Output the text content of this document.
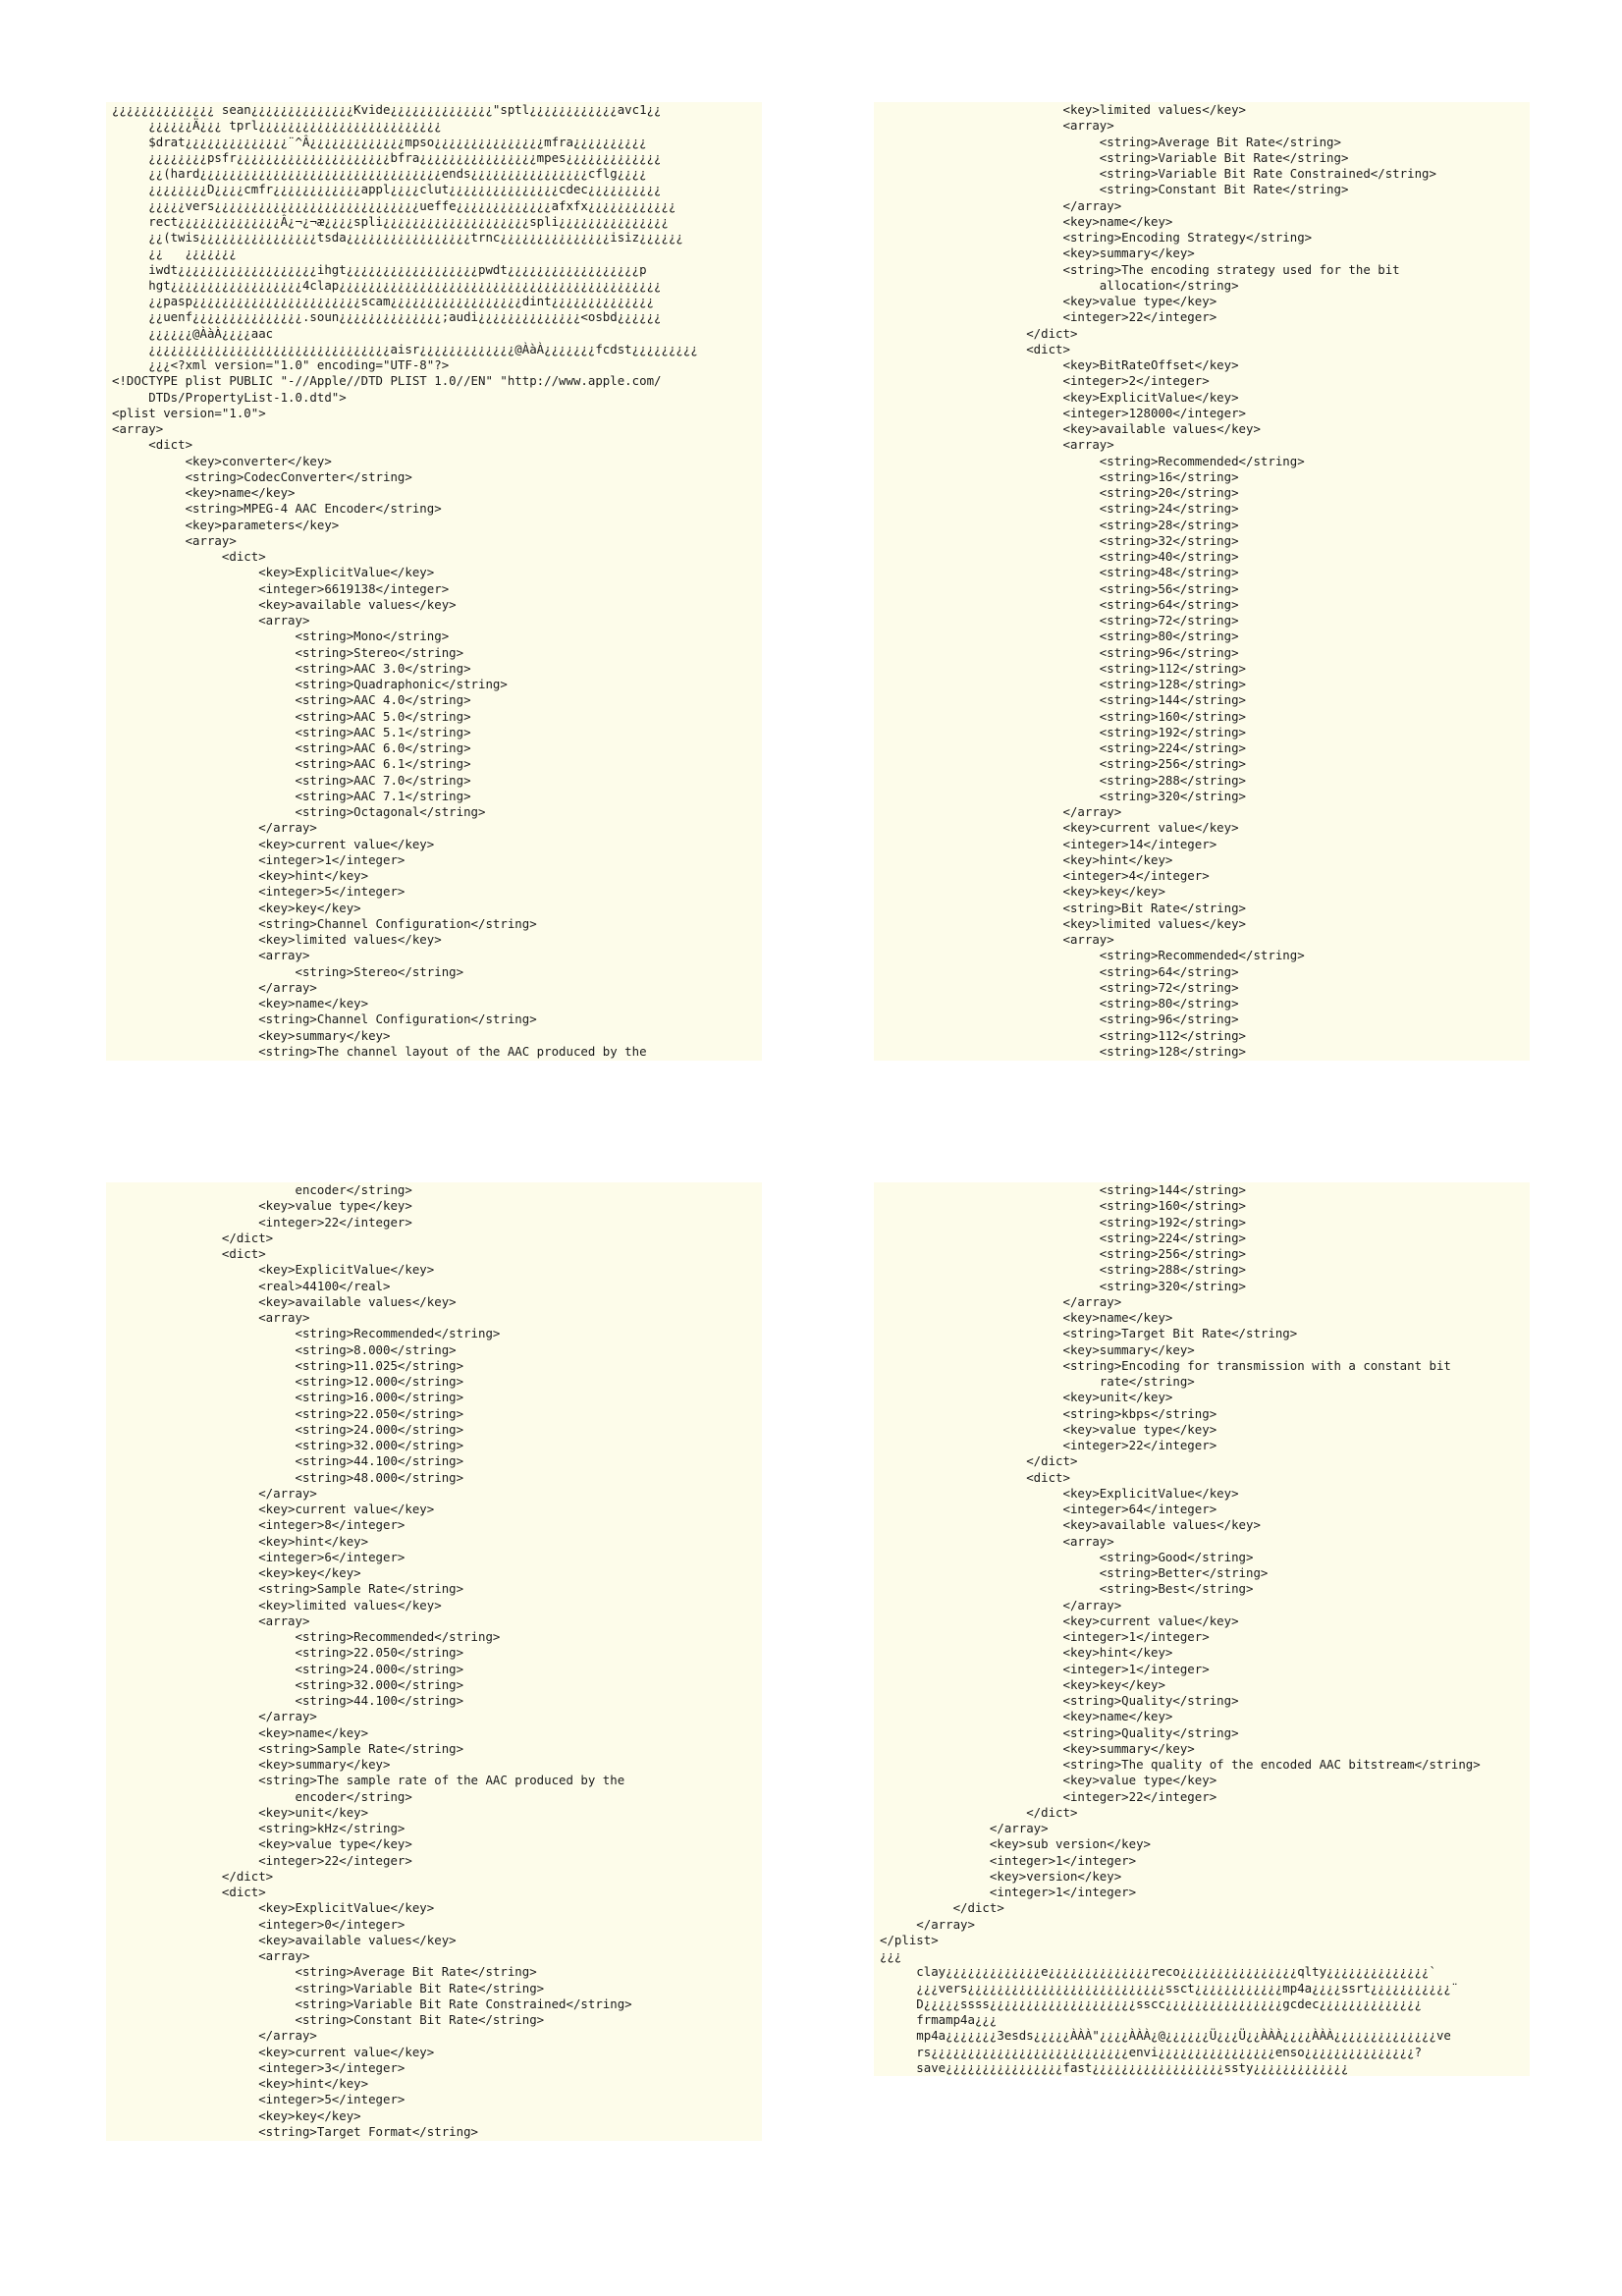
¿¿¿¿¿¿¿¿¿¿¿¿¿¿ sean¿¿¿¿¿¿¿¿¿¿¿¿¿¿Kvide¿¿¿¿¿¿¿¿¿¿¿¿¿¿"sptl¿¿¿¿¿¿¿¿¿¿¿¿avc1¿¿
¿¿¿¿¿¿Ä¿¿¿ tprl¿¿¿¿¿¿¿¿¿¿¿¿¿¿¿¿¿¿¿¿¿¿¿¿¿
$drat¿¿¿¿¿¿¿¿¿¿¿¿¿¿¨^Â¿¿¿¿¿¿¿¿¿¿¿¿¿mpso¿¿¿¿¿¿¿¿¿¿¿¿¿¿¿mfra¿¿¿¿¿¿¿¿¿¿
¿¿¿¿¿¿¿¿psfr¿¿¿¿¿¿¿¿¿¿¿¿¿¿¿¿¿¿¿¿¿bfra¿¿¿¿¿¿¿¿¿¿¿¿¿¿¿¿mpes¿¿¿¿¿¿¿¿¿¿¿¿¿
¿¿(hard¿¿¿¿¿¿¿¿¿¿¿¿¿¿¿¿¿¿¿¿¿¿¿¿¿¿¿¿¿¿¿¿¿ends¿¿¿¿¿¿¿¿¿¿¿¿¿¿¿¿cflg¿¿¿¿
¿¿¿¿¿¿¿¿D¿¿¿¿cmfr¿¿¿¿¿¿¿¿¿¿¿¿appl¿¿¿¿clut¿¿¿¿¿¿¿¿¿¿¿¿¿¿¿cdec¿¿¿¿¿¿¿¿¿¿
¿¿¿¿¿vers¿¿¿¿¿¿¿¿¿¿¿¿¿¿¿¿¿¿¿¿¿¿¿¿¿¿¿¿ueffe¿¿¿¿¿¿¿¿¿¿¿¿¿afxfx¿¿¿¿¿¿¿¿¿¿¿¿
rect¿¿¿¿¿¿¿¿¿¿¿¿¿¿Â¿¬¿¬æ¿¿¿¿spli¿¿¿¿¿¿¿¿¿¿¿¿¿¿¿¿¿¿¿¿spli¿¿¿¿¿¿¿¿¿¿¿¿¿¿¿
¿¿(twis¿¿¿¿¿¿¿¿¿¿¿¿¿¿¿¿tsda¿¿¿¿¿¿¿¿¿¿¿¿¿¿¿¿¿trnc¿¿¿¿¿¿¿¿¿¿¿¿¿¿¿isiz¿¿¿¿¿¿
¿¿   ¿¿¿¿¿¿¿
iwdt¿¿¿¿¿¿¿¿¿¿¿¿¿¿¿¿¿¿¿ihgt¿¿¿¿¿¿¿¿¿¿¿¿¿¿¿¿¿¿pwdt¿¿¿¿¿¿¿¿¿¿¿¿¿¿¿¿¿¿p
hgt¿¿¿¿¿¿¿¿¿¿¿¿¿¿¿¿¿¿4clap¿¿¿¿¿¿¿¿¿¿¿¿¿¿¿¿¿¿¿¿¿¿¿¿¿¿¿¿¿¿¿¿¿¿¿¿¿¿¿¿¿¿¿¿
¿¿pasp¿¿¿¿¿¿¿¿¿¿¿¿¿¿¿¿¿¿¿¿¿¿¿scam¿¿¿¿¿¿¿¿¿¿¿¿¿¿¿¿¿¿dint¿¿¿¿¿¿¿¿¿¿¿¿¿¿
¿¿uenf¿¿¿¿¿¿¿¿¿¿¿¿¿¿¿.soun¿¿¿¿¿¿¿¿¿¿¿¿¿¿;audi¿¿¿¿¿¿¿¿¿¿¿¿¿¿<osbd¿¿¿¿¿¿
¿¿¿¿¿¿@ÀàÀ¿¿¿¿aac
¿¿¿¿¿¿¿¿¿¿¿¿¿¿¿¿¿¿¿¿¿¿¿¿¿¿¿¿¿¿¿¿¿aisr¿¿¿¿¿¿¿¿¿¿¿¿¿@ÀàÀ¿¿¿¿¿¿¿fcdst¿¿¿¿¿¿¿¿¿
¿¿¿<?xml version="1.0" encoding="UTF-8"?>
<!DOCTYPE plist PUBLIC "-//Apple//DTD PLIST 1.0//EN" "http://www.apple.com/
DTDs/PropertyList-1.0.dtd">
<plist version="1.0">
<array>
<dict>
<key>converter</key>
<string>CodecConverter</string>
<key>name</key>
<string>MPEG-4 AAC Encoder</string>
<key>parameters</key>
<array>
<dict>
<key>ExplicitValue</key>
<integer>6619138</integer>
<key>available values</key>
<array>
<string>Mono</string>
<string>Stereo</string>
<string>AAC 3.0</string>
<string>Quadraphonic</string>
<string>AAC 4.0</string>
<string>AAC 5.0</string>
<string>AAC 5.1</string>
<string>AAC 6.0</string>
<string>AAC 6.1</string>
<string>AAC 7.0</string>
<string>AAC 7.1</string>
<string>Octagonal</string>
</array>
<key>current value</key>
<integer>1</integer>
<key>hint</key>
<integer>5</integer>
<key>key</key>
<string>Channel Configuration</string>
<key>limited values</key>
<array>
<string>Stereo</string>
</array>
<key>name</key>
<string>Channel Configuration</string>
<key>summary</key>
<string>The channel layout of the AAC produced by the
<key>limited values</key>
<array>
<string>Average Bit Rate</string>
<string>Variable Bit Rate</string>
<string>Variable Bit Rate Constrained</string>
<string>Constant Bit Rate</string>
</array>
<key>name</key>
<string>Encoding Strategy</string>
<key>summary</key>
<string>The encoding strategy used for the bit
allocation</string>
<key>value type</key>
<integer>22</integer>
</dict>
<dict>
<key>BitRateOffset</key>
<integer>2</integer>
<key>ExplicitValue</key>
<integer>128000</integer>
<key>available values</key>
<array>
<string>Recommended</string>
<string>16</string>
<string>20</string>
<string>24</string>
<string>28</string>
<string>32</string>
<string>40</string>
<string>48</string>
<string>56</string>
<string>64</string>
<string>72</string>
<string>80</string>
<string>96</string>
<string>112</string>
<string>128</string>
<string>144</string>
<string>160</string>
<string>192</string>
<string>224</string>
<string>256</string>
<string>288</string>
<string>320</string>
</array>
<key>current value</key>
<integer>14</integer>
<key>hint</key>
<integer>4</integer>
<key>key</key>
<string>Bit Rate</string>
<key>limited values</key>
<array>
<string>Recommended</string>
<string>64</string>
<string>72</string>
<string>80</string>
<string>96</string>
<string>112</string>
<string>128</string>
encoder</string>
<key>value type</key>
<integer>22</integer>
</dict>
<dict>
<key>ExplicitValue</key>
<real>44100</real>
<key>available values</key>
<array>
<string>Recommended</string>
<string>8.000</string>
<string>11.025</string>
<string>12.000</string>
<string>16.000</string>
<string>22.050</string>
<string>24.000</string>
<string>32.000</string>
<string>44.100</string>
<string>48.000</string>
</array>
<key>current value</key>
<integer>8</integer>
<key>hint</key>
<integer>6</integer>
<key>key</key>
<string>Sample Rate</string>
<key>limited values</key>
<array>
<string>Recommended</string>
<string>22.050</string>
<string>24.000</string>
<string>32.000</string>
<string>44.100</string>
</array>
<key>name</key>
<string>Sample Rate</string>
<key>summary</key>
<string>The sample rate of the AAC produced by the
encoder</string>
<key>unit</key>
<string>kHz</string>
<key>value type</key>
<integer>22</integer>
</dict>
<dict>
<key>ExplicitValue</key>
<integer>0</integer>
<key>available values</key>
<array>
<string>Average Bit Rate</string>
<string>Variable Bit Rate</string>
<string>Variable Bit Rate Constrained</string>
<string>Constant Bit Rate</string>
</array>
<key>current value</key>
<integer>3</integer>
<key>hint</key>
<integer>5</integer>
<key>key</key>
<string>Target Format</string>
<string>144</string>
<string>160</string>
<string>192</string>
<string>224</string>
<string>256</string>
<string>288</string>
<string>320</string>
</array>
<key>name</key>
<string>Target Bit Rate</string>
<key>summary</key>
<string>Encoding for transmission with a constant bit
rate</string>
<key>unit</key>
<string>kbps</string>
<key>value type</key>
<integer>22</integer>
</dict>
<dict>
<key>ExplicitValue</key>
<integer>64</integer>
<key>available values</key>
<array>
<string>Good</string>
<string>Better</string>
<string>Best</string>
</array>
<key>current value</key>
<integer>1</integer>
<key>hint</key>
<integer>1</integer>
<key>key</key>
<string>Quality</string>
<key>name</key>
<string>Quality</string>
<key>summary</key>
<string>The quality of the encoded AAC bitstream</string>
<key>value type</key>
<integer>22</integer>
</dict>
</array>
<key>sub version</key>
<integer>1</integer>
<key>version</key>
<integer>1</integer>
</dict>
</array>
</plist>
¿¿¿
clay¿¿¿¿¿¿¿¿¿¿¿¿¿e¿¿¿¿¿¿¿¿¿¿¿¿¿¿reco¿¿¿¿¿¿¿¿¿¿¿¿¿¿¿¿qlty¿¿¿¿¿¿¿¿¿¿¿¿¿¿`
¿¿¿vers¿¿¿¿¿¿¿¿¿¿¿¿¿¿¿¿¿¿¿¿¿¿¿¿¿¿¿ssct¿¿¿¿¿¿¿¿¿¿¿¿mp4a¿¿¿¿ssrt¿¿¿¿¿¿¿¿¿¿¿¨
D¿¿¿¿¿ssss¿¿¿¿¿¿¿¿¿¿¿¿¿¿¿¿¿¿¿¿sscc¿¿¿¿¿¿¿¿¿¿¿¿¿¿¿¿gcdec¿¿¿¿¿¿¿¿¿¿¿¿¿¿
frmamp4a¿¿¿
mp4a¿¿¿¿¿¿¿3esds¿¿¿¿¿ÀÀÀ"¿¿¿¿ÀÀÀ¿@¿¿¿¿¿¿Ü¿¿¿Ü¿¿ÀÀÀ¿¿¿¿ÀÀÀ¿¿¿¿¿¿¿¿¿¿¿¿¿¿ve
rs¿¿¿¿¿¿¿¿¿¿¿¿¿¿¿¿¿¿¿¿¿¿¿¿¿¿¿envi¿¿¿¿¿¿¿¿¿¿¿¿¿¿¿¿enso¿¿¿¿¿¿¿¿¿¿¿¿¿¿¿?
save¿¿¿¿¿¿¿¿¿¿¿¿¿¿¿¿fast¿¿¿¿¿¿¿¿¿¿¿¿¿¿¿¿¿¿ssty¿¿¿¿¿¿¿¿¿¿¿¿¿
